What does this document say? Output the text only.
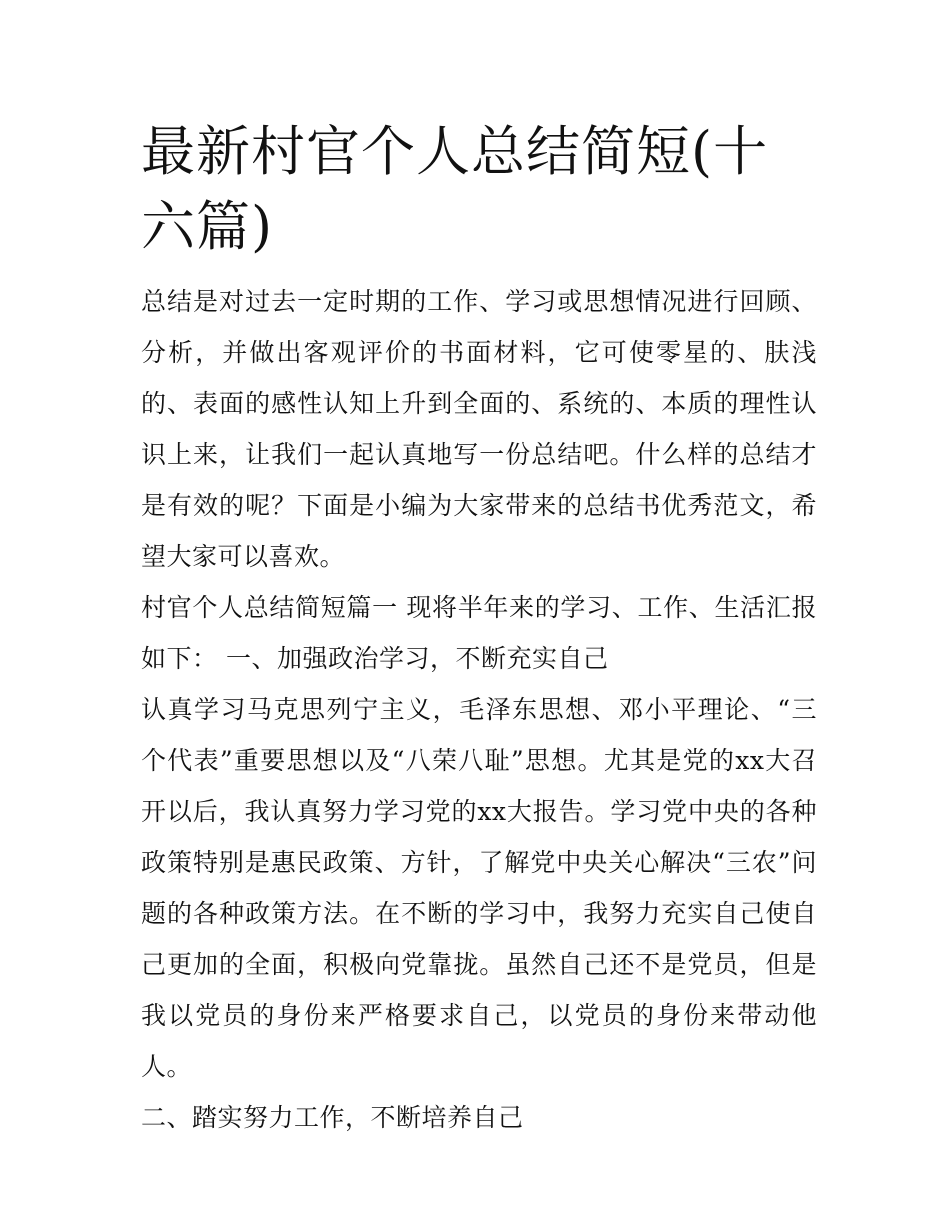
最新村官个人总结简短(十六篇)

总结是对过去一定时期的工作、学习或思想情况进行回顾、分析，并做出客观评价的书面材料，它可使零星的、肤浅的、表面的感性认知上升到全面的、系统的、本质的理性认识上来，让我们一起认真地写一份总结吧。什么样的总结才是有效的呢？下面是小编为大家带来的总结书优秀范文，希望大家可以喜欢。

村官个人总结简短篇一 现将半年来的学习、工作、生活汇报如下： 一、加强政治学习，不断充实自己

认真学习马克思列宁主义，毛泽东思想、邓小平理论、“三个代表”重要思想以及“八荣八耻”思想。尤其是党的xx大召开以后，我认真努力学习党的xx大报告。学习党中央的各种政策特别是惠民政策、方针，了解党中央关心解决“三农”问题的各种政策方法。在不断的学习中，我努力充实自己使自己更加的全面，积极向党靠拢。虽然自己还不是党员，但是我以党员的身份来严格要求自己，以党员的身份来带动他人。

二、踏实努力工作，不断培养自己
